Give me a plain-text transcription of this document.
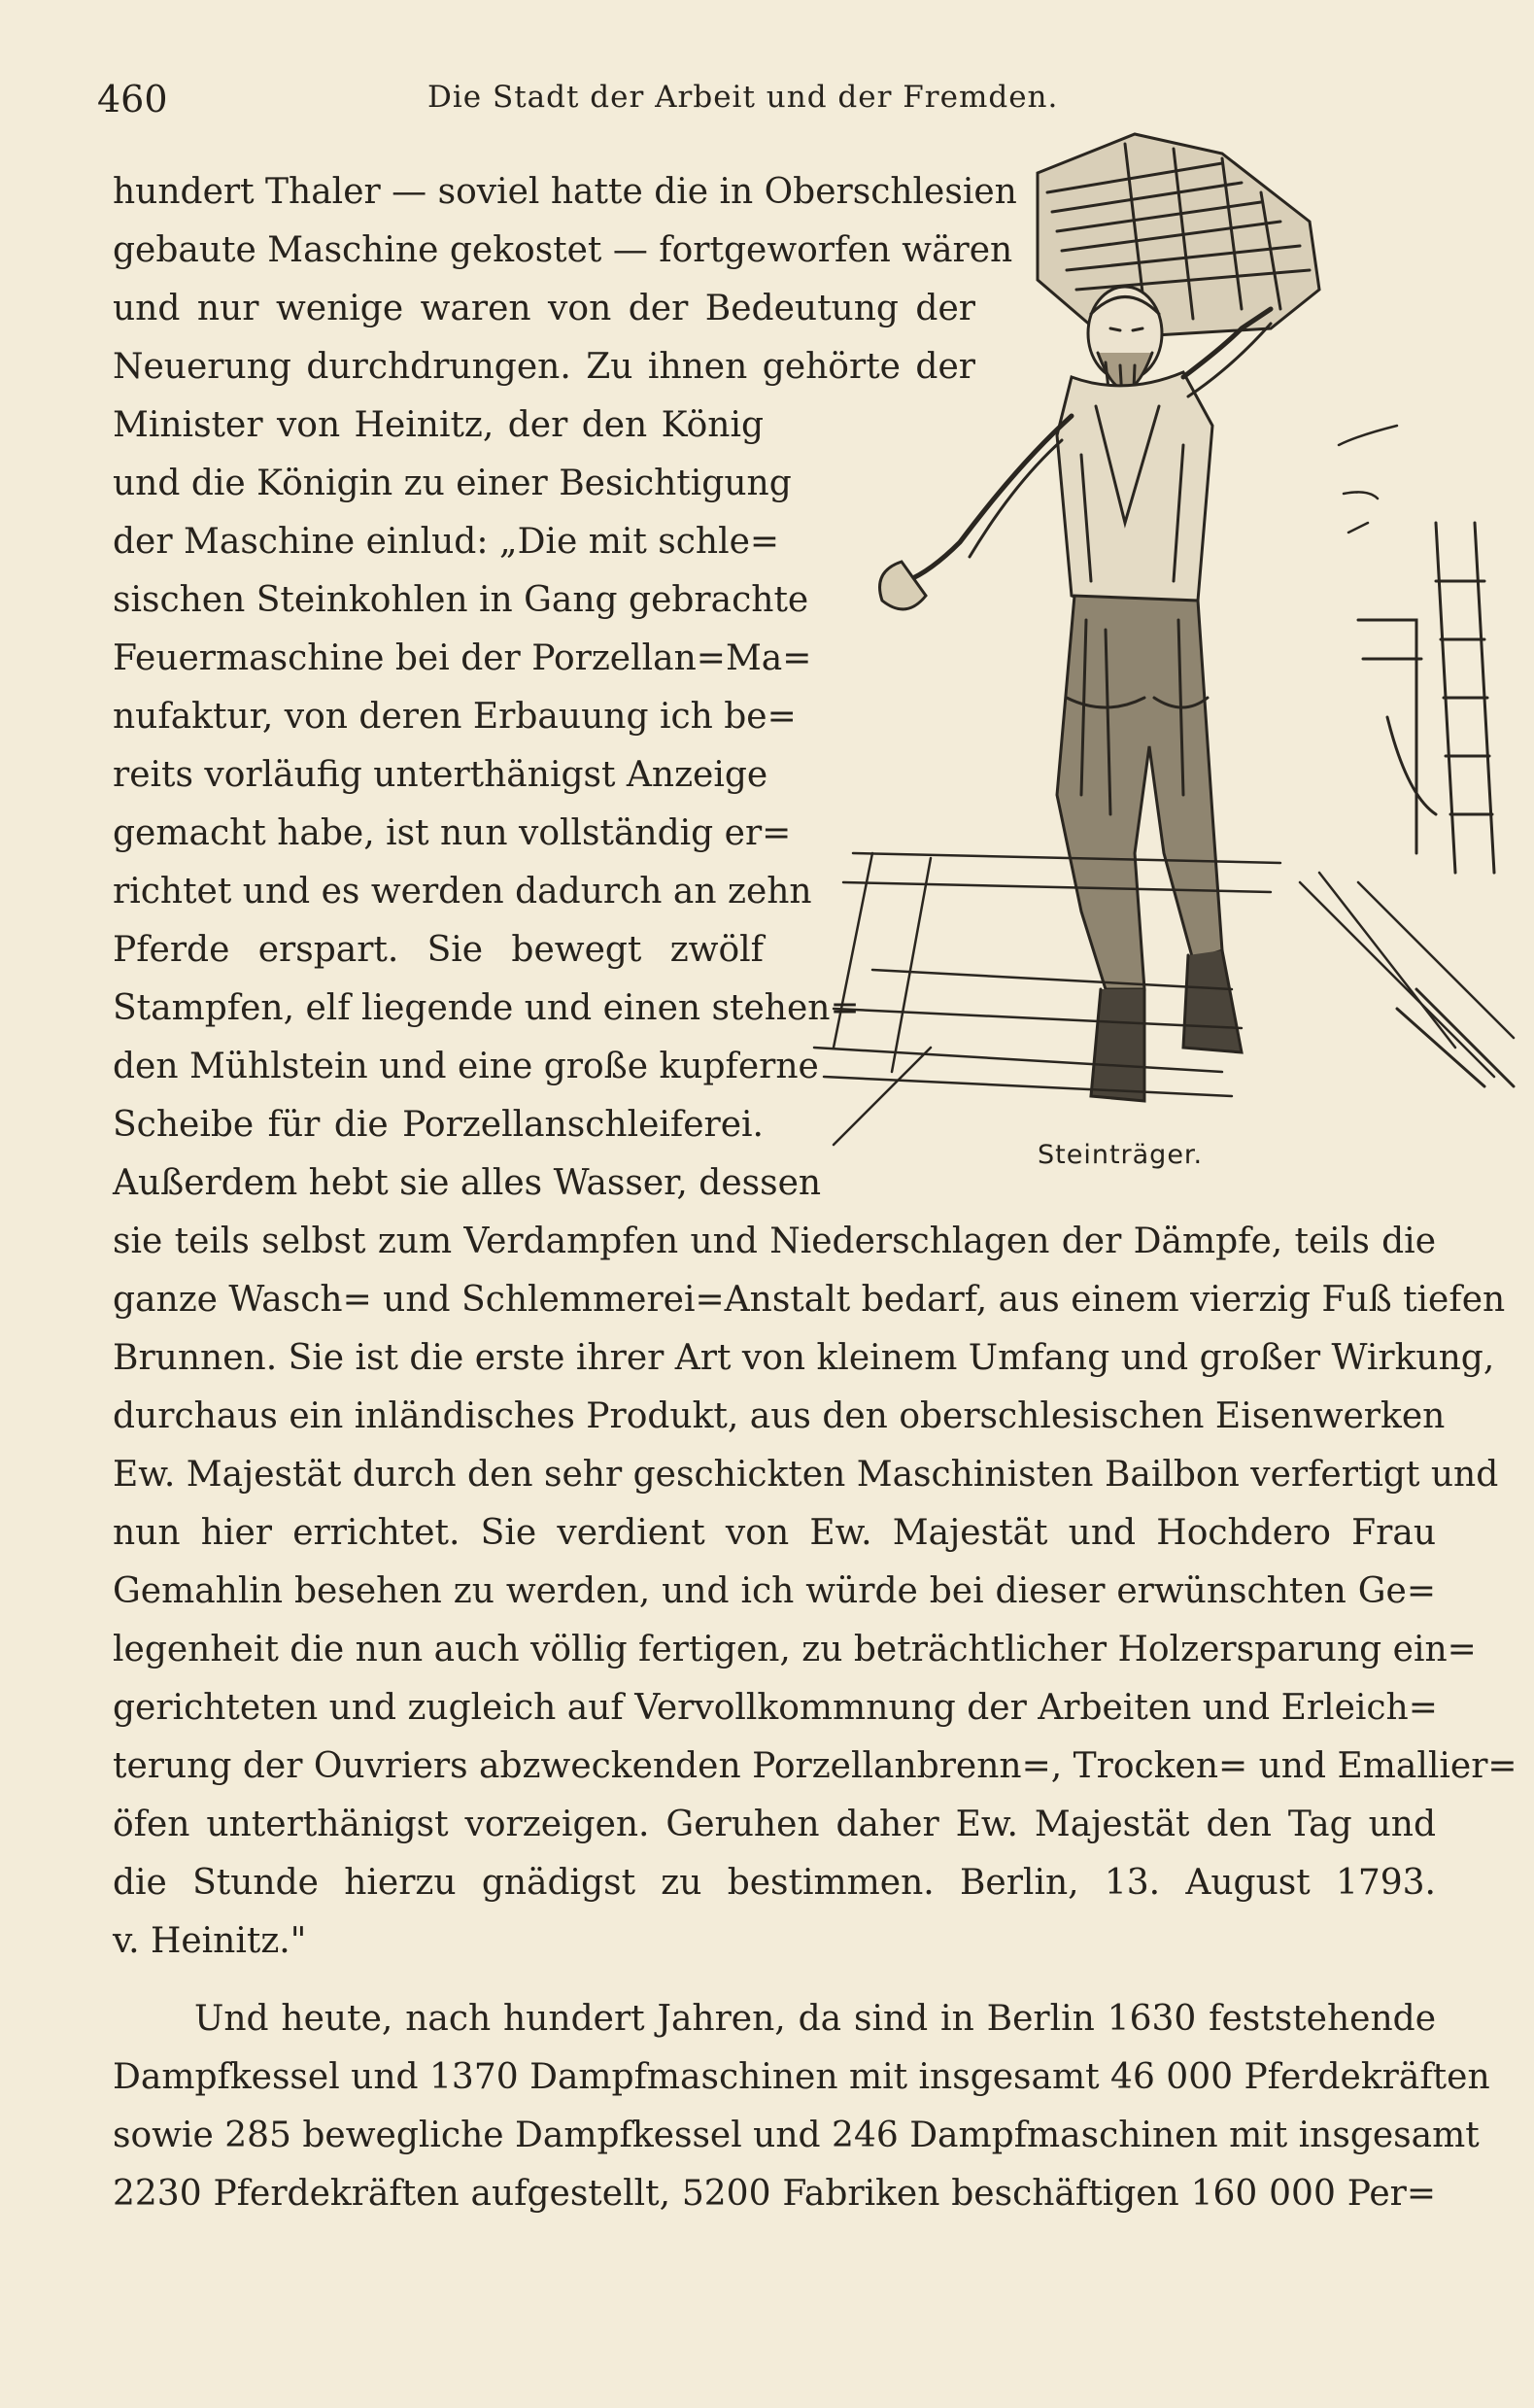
460	Die Stadt der Arbeit und der Fremden.
Steinträger.
hundert Thaler — soviel hatte die in Oberschlesien
gebaute Maschine gekostet — fortgeworfen wären
und nur wenige waren von der Bedeutung der
Neuerung durchdrungen. Zu ihnen gehörte der
Minister von Heinitz, der den König
und die Königin zu einer Besichtigung
der Maschine einlud: „Die mit schle=
sischen Steinkohlen in Gang gebrachte
Feuermaschine bei der Porzellan=Ma=
nufaktur, von deren Erbauung ich be=
reits vorläufig unterthänigst Anzeige
gemacht habe, ist nun vollständig er=
richtet und es werden dadurch an zehn
Pferde erspart. Sie bewegt zwölf
Stampfen, elf liegende und einen stehen=
den Mühlstein und eine große kupferne
Scheibe für die Porzellanschleiferei.
Außerdem hebt sie alles Wasser, dessen
sie teils selbst zum Verdampfen und Niederschlagen der Dämpfe, teils die
ganze Wasch= und Schlemmerei=Anstalt bedarf, aus einem vierzig Fuß tiefen
Brunnen. Sie ist die erste ihrer Art von kleinem Umfang und großer Wirkung,
durchaus ein inländisches Produkt, aus den oberschlesischen Eisenwerken
Ew. Majestät durch den sehr geschickten Maschinisten Bailbon verfertigt und
nun hier errichtet. Sie verdient von Ew. Majestät und Hochdero Frau
Gemahlin besehen zu werden, und ich würde bei dieser erwünschten Ge=
legenheit die nun auch völlig fertigen, zu beträchtlicher Holzersparung ein=
gerichteten und zugleich auf Vervollkommnung der Arbeiten und Erleich=
terung der Ouvriers abzweckenden Porzellanbrenn=, Trocken= und Emallier=
öfen unterthänigst vorzeigen. Geruhen daher Ew. Majestät den Tag und
die Stunde hierzu gnädigst zu bestimmen. Berlin, 13. August 1793.
v. Heinitz."
Und heute, nach hundert Jahren, da sind in Berlin 1630 feststehende
Dampfkessel und 1370 Dampfmaschinen mit insgesamt 46 000 Pferdekräften
sowie 285 bewegliche Dampfkessel und 246 Dampfmaschinen mit insgesamt
2230 Pferdekräften aufgestellt, 5200 Fabriken beschäftigen 160 000 Per=
